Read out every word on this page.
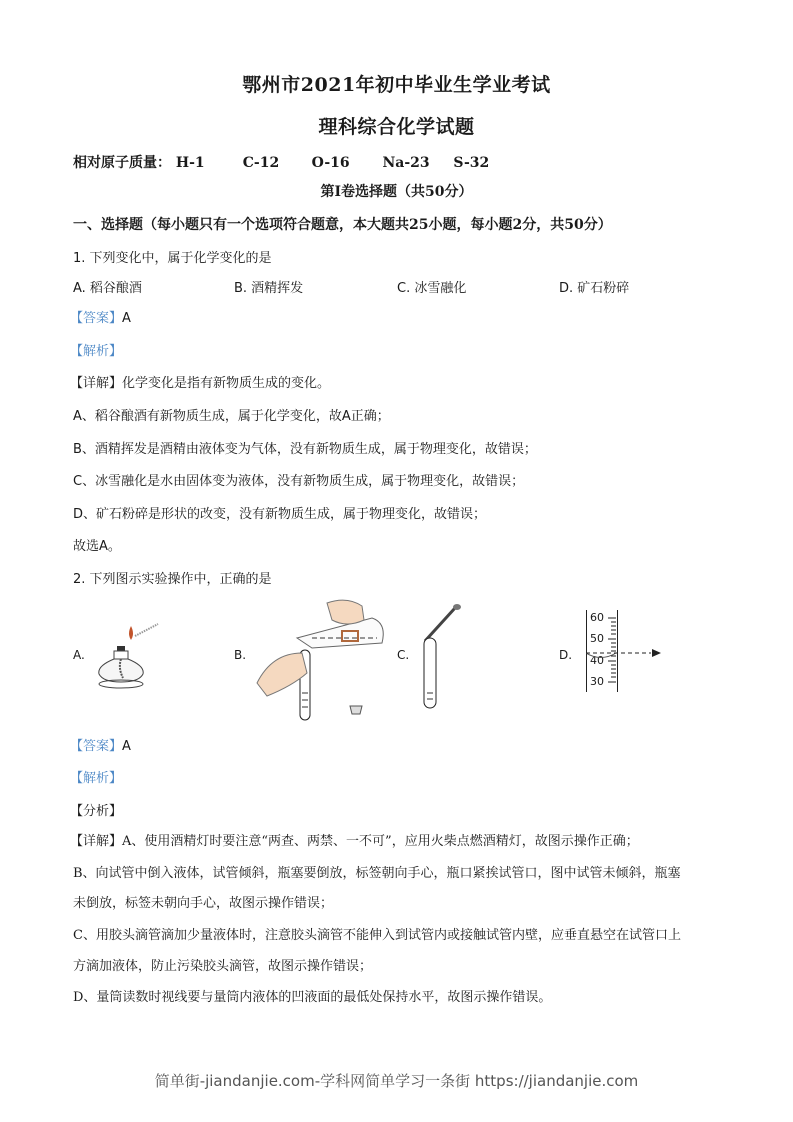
鄂州市2021年初中毕业生学业考试
理科综合化学试题
相对原子质量： H-1	C-12 O-16 Na-23 S-32
第I卷选择题（共50分）
一、选择题（每小题只有一个选项符合题意，本大题共25小题，每小题2分，共50分）
1. 下列变化中，属于化学变化的是
A. 稻谷酿酒	B. 酒精挥发	C. 冰雪融化	D. 矿石粉碎
【答案】A
【解析】
【详解】化学变化是指有新物质生成的变化。
A、稻谷酿酒有新物质生成，属于化学变化，故A正确；
B、酒精挥发是酒精由液体变为气体，没有新物质生成，属于物理变化，故错误；
C、冰雪融化是水由固体变为液体，没有新物质生成，属于物理变化，故错误；
D、矿石粉碎是形状的改变，没有新物质生成，属于物理变化，故错误；
故选A。
2. 下列图示实验操作中，正确的是
A.	B.	C.	D.
60
50
40
30
【答案】A
【解析】
【分析】
【详解】A、使用酒精灯时要注意“两查、两禁、一不可”，应用火柴点燃酒精灯，故图示操作正确；
B、向试管中倒入液体，试管倾斜，瓶塞要倒放，标签朝向手心，瓶口紧挨试管口，图中试管未倾斜，瓶塞
未倒放，标签未朝向手心，故图示操作错误；
C、用胶头滴管滴加少量液体时，注意胶头滴管不能伸入到试管内或接触试管内壁，应垂直悬空在试管口上
方滴加液体，防止污染胶头滴管，故图示操作错误；
D、量筒读数时视线要与量筒内液体的凹液面的最低处保持水平，故图示操作错误。
简单街-jiandanjie.com-学科网简单学习一条街 https://jiandanjie.com
